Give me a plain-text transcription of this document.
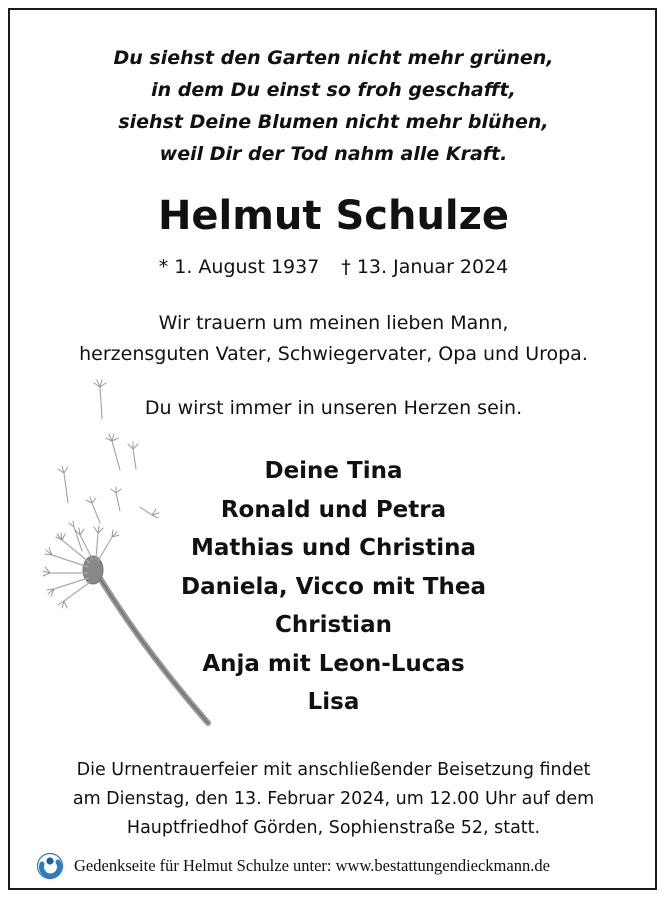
Du siehst den Garten nicht mehr grünen,
in dem Du einst so froh geschafft,
siehst Deine Blumen nicht mehr blühen,
weil Dir der Tod nahm alle Kraft.
Helmut Schulze
* 1. August 1937 † 13. Januar 2024
Wir trauern um meinen lieben Mann,
herzensguten Vater, Schwiegervater, Opa und Uropa.
Du wirst immer in unseren Herzen sein.
Deine Tina
Ronald und Petra
Mathias und Christina
Daniela, Vicco mit Thea
Christian
Anja mit Leon-Lucas
Lisa
Die Urnentrauerfeier mit anschließender Beisetzung findet
am Dienstag, den 13. Februar 2024, um 12.00 Uhr auf dem
Hauptfriedhof Görden, Sophienstraße 52, statt.
Gedenkseite für Helmut Schulze unter: www.bestattungendieckmann.de
